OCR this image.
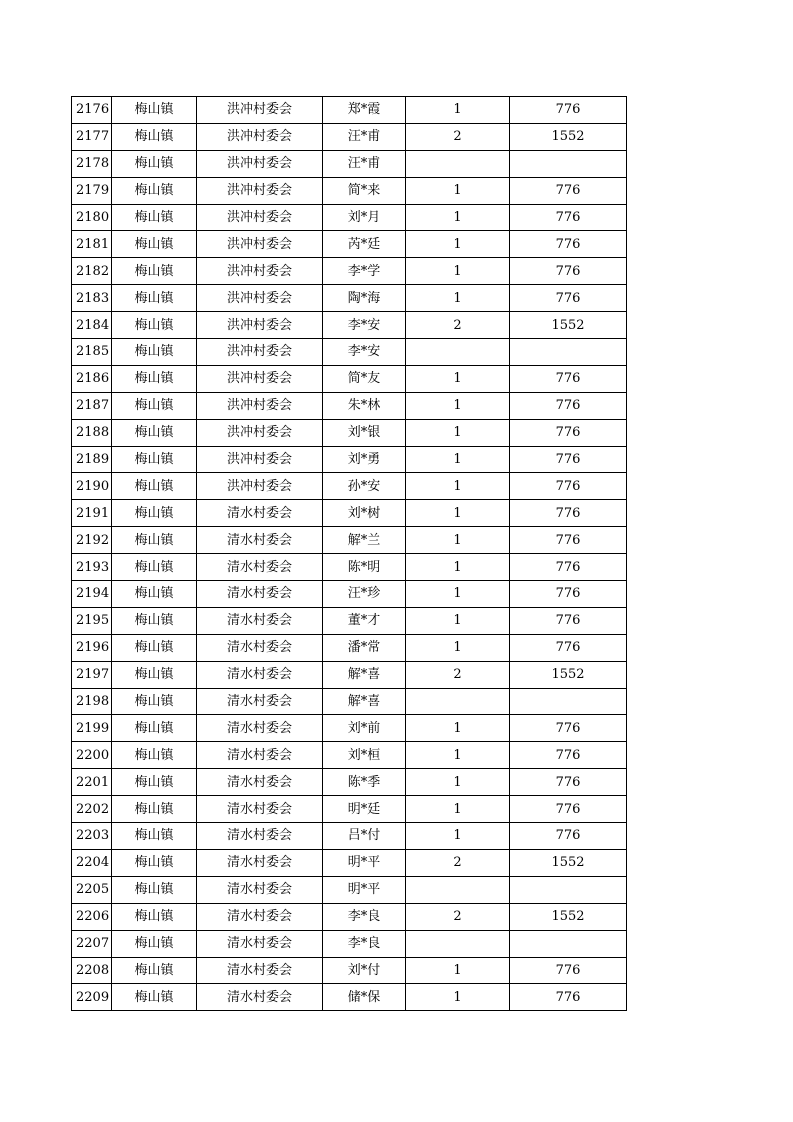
2176	梅山镇	洪冲村委会	郑*霞	1	776
2177	梅山镇	洪冲村委会	汪*甫	2	1552
2178	梅山镇	洪冲村委会	汪*甫		
2179	梅山镇	洪冲村委会	简*来	1	776
2180	梅山镇	洪冲村委会	刘*月	1	776
2181	梅山镇	洪冲村委会	芮*廷	1	776
2182	梅山镇	洪冲村委会	李*学	1	776
2183	梅山镇	洪冲村委会	陶*海	1	776
2184	梅山镇	洪冲村委会	李*安	2	1552
2185	梅山镇	洪冲村委会	李*安		
2186	梅山镇	洪冲村委会	简*友	1	776
2187	梅山镇	洪冲村委会	朱*林	1	776
2188	梅山镇	洪冲村委会	刘*银	1	776
2189	梅山镇	洪冲村委会	刘*勇	1	776
2190	梅山镇	洪冲村委会	孙*安	1	776
2191	梅山镇	清水村委会	刘*树	1	776
2192	梅山镇	清水村委会	解*兰	1	776
2193	梅山镇	清水村委会	陈*明	1	776
2194	梅山镇	清水村委会	汪*珍	1	776
2195	梅山镇	清水村委会	董*才	1	776
2196	梅山镇	清水村委会	潘*常	1	776
2197	梅山镇	清水村委会	解*喜	2	1552
2198	梅山镇	清水村委会	解*喜		
2199	梅山镇	清水村委会	刘*前	1	776
2200	梅山镇	清水村委会	刘*桓	1	776
2201	梅山镇	清水村委会	陈*季	1	776
2202	梅山镇	清水村委会	明*廷	1	776
2203	梅山镇	清水村委会	吕*付	1	776
2204	梅山镇	清水村委会	明*平	2	1552
2205	梅山镇	清水村委会	明*平		
2206	梅山镇	清水村委会	李*良	2	1552
2207	梅山镇	清水村委会	李*良		
2208	梅山镇	清水村委会	刘*付	1	776
2209	梅山镇	清水村委会	储*保	1	776
